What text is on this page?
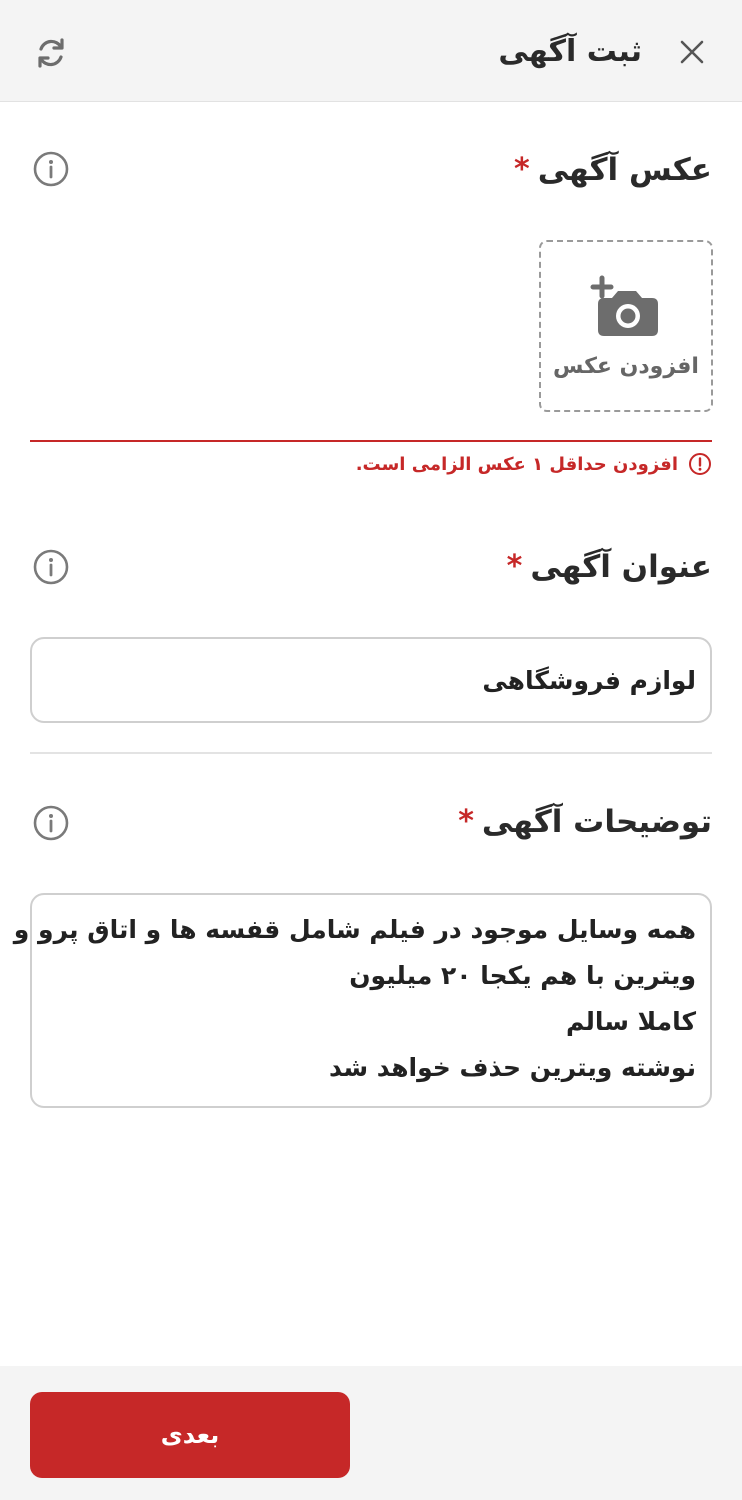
ثبت آگهی
عکس آگهی
*
افزودن عکس
افزودن حداقل ۱ عکس الزامی است.
عنوان آگهی
*
لوازم فروشگاهی
توضیحات آگهی
*
همه وسایل موجود در فیلم شامل قفسه ها و اتاق پرو و
ویترین با هم یکجا ۲۰ میلیون
کاملا سالم
نوشته ویترین حذف خواهد شد
بعدی
